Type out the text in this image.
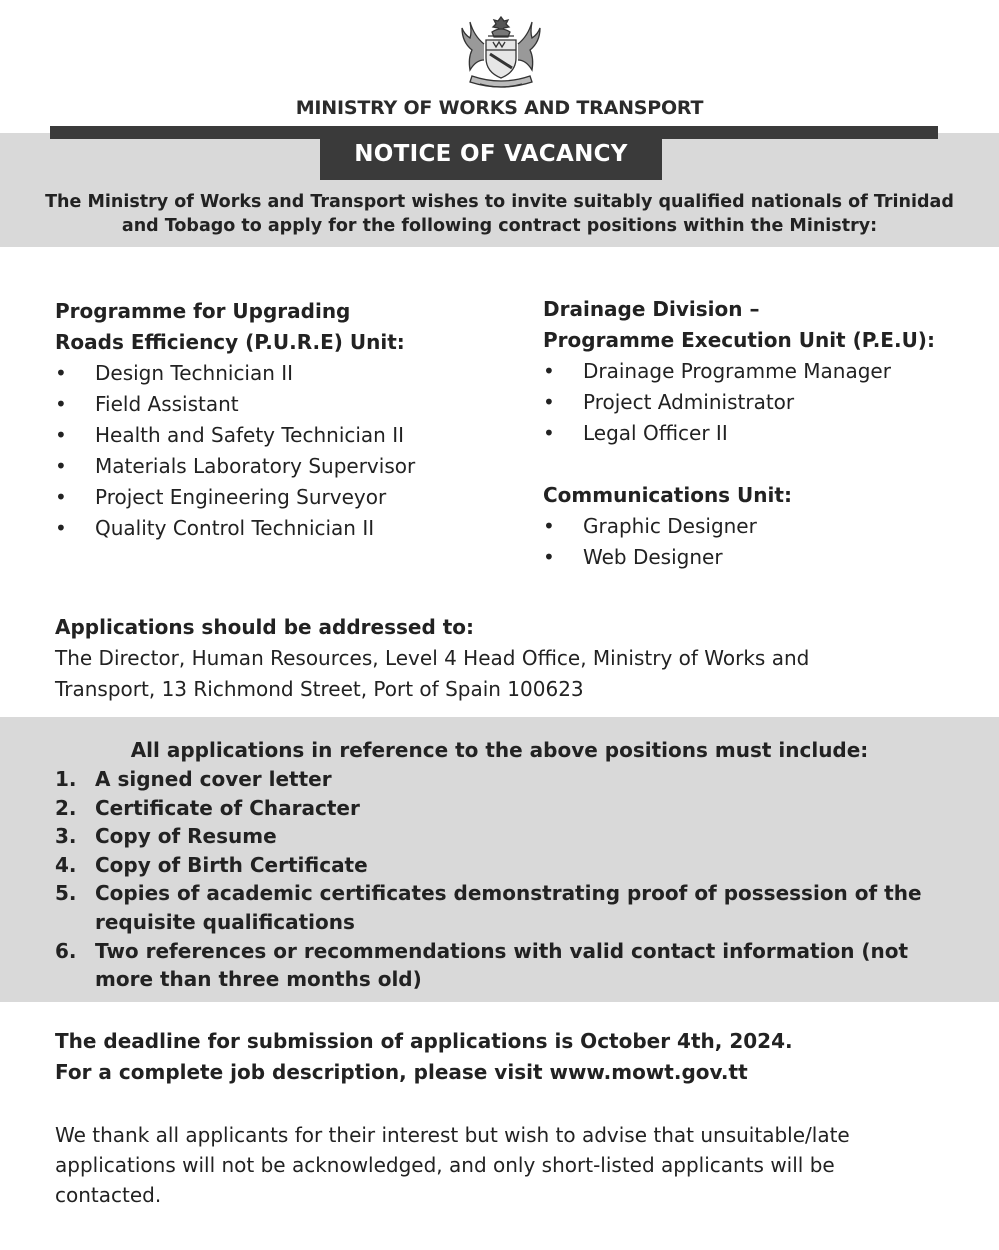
MINISTRY OF WORKS AND TRANSPORT
NOTICE OF VACANCY
The Ministry of Works and Transport wishes to invite suitably qualified nationals of Trinidad and Tobago to apply for the following contract positions within the Ministry:
Programme for Upgrading
Roads Efficiency (P.U.R.E) Unit:
• Design Technician II
• Field Assistant
• Health and Safety Technician II
• Materials Laboratory Supervisor
• Project Engineering Surveyor
• Quality Control Technician II
Drainage Division –
Programme Execution Unit (P.E.U):
• Drainage Programme Manager
• Project Administrator
• Legal Officer II
Communications Unit:
• Graphic Designer
• Web Designer
Applications should be addressed to:
The Director, Human Resources, Level 4 Head Office, Ministry of Works and
Transport, 13 Richmond Street, Port of Spain 100623
All applications in reference to the above positions must include:
1. A signed cover letter
2. Certificate of Character
3. Copy of Resume
4. Copy of Birth Certificate
5. Copies of academic certificates demonstrating proof of possession of the requisite qualifications
6. Two references or recommendations with valid contact information (not more than three months old)
The deadline for submission of applications is October 4th, 2024.
For a complete job description, please visit www.mowt.gov.tt
We thank all applicants for their interest but wish to advise that unsuitable/late applications will not be acknowledged, and only short-listed applicants will be contacted.
